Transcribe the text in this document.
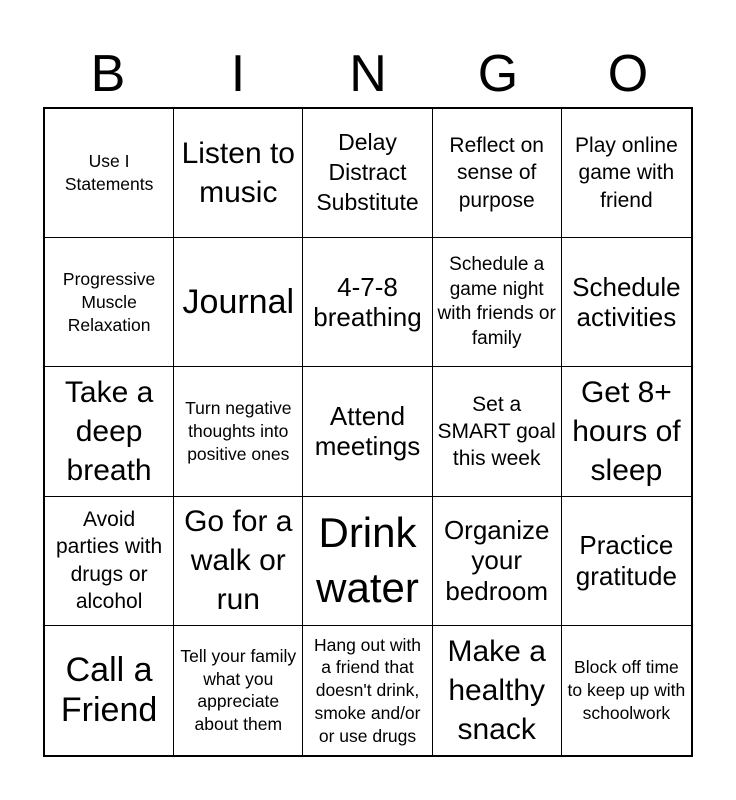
B	I	N	G	O
Use I Statements
Listen to music
Delay Distract Substitute
Reflect on sense of purpose
Play online game with friend
Progressive Muscle Relaxation
Journal	4-7-8 breathing
Schedule a game night with friends or family
Schedule activities
Take a deep breath
Turn negative thoughts into positive ones
Attend meetings
Set a SMART goal this week
Get 8+ hours of sleep
Avoid parties with drugs or alcohol
Go for a walk or run
Drink water
Organize your bedroom
Practice gratitude
Call a Friend
Tell your family what you appreciate about them
Hang out with a friend that doesn't drink, smoke and/or or use drugs
Make a healthy snack
Block off time to keep up with schoolwork
